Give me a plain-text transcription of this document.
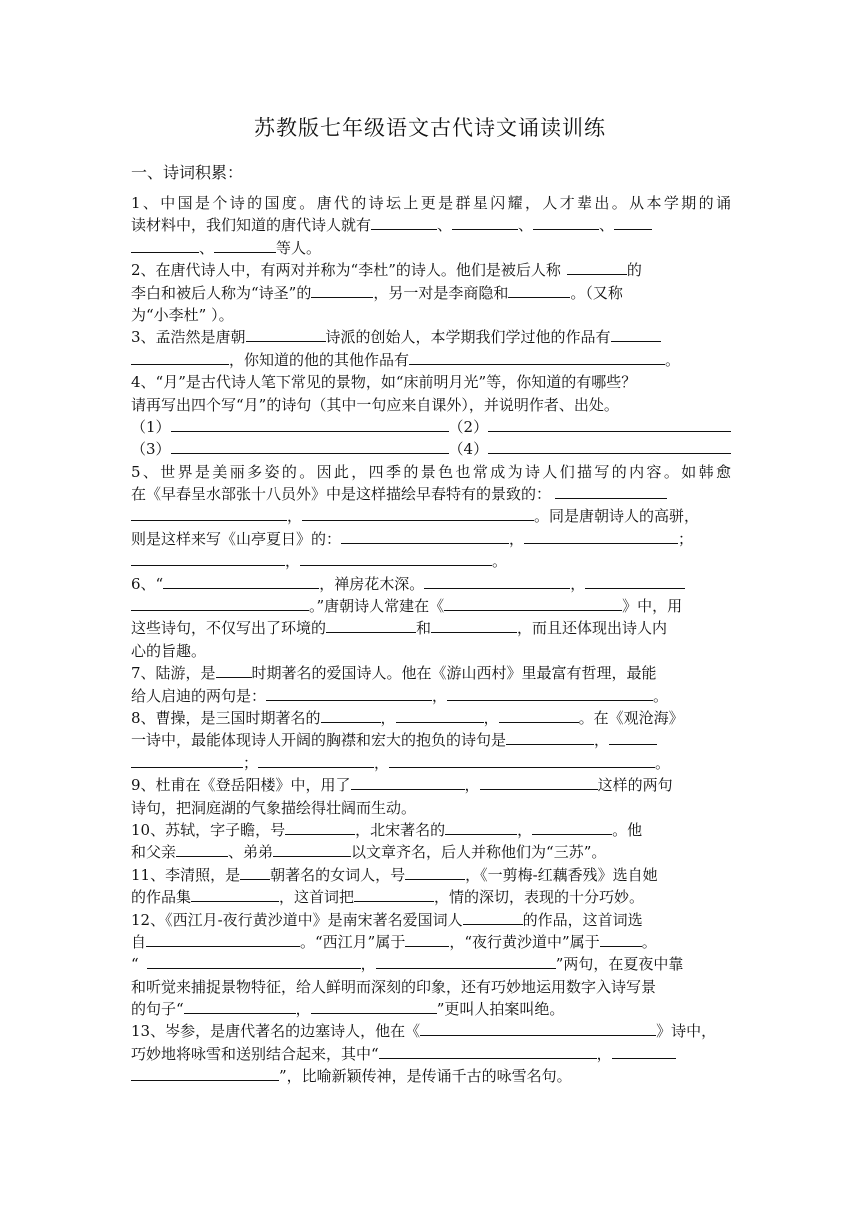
苏教版七年级语文古代诗文诵读训练
一、诗词积累：
1、中国是个诗的国度。唐代的诗坛上更是群星闪耀，人才辈出。从本学期的诵
读材料中，我们知道的唐代诗人就有	、	、	、
、	等人。
2、在唐代诗人中，有两对并称为“李杜”的诗人。他们是被后人称	的
李白和被后人称为“诗圣”的	，另一对是李商隐和	。（又称
为“小李杜” ）。
3、孟浩然是唐朝	诗派的创始人，本学期我们学过他的作品有
，你知道的他的其他作品有	。
4、“月”是古代诗人笔下常见的景物，如“床前明月光”等，你知道的有哪些？
请再写出四个写“月”的诗句（其中一句应来自课外），并说明作者、出处。
（1）	（2）
（3）	（4）
5、世界是美丽多姿的。因此，四季的景色也常成为诗人们描写的内容。如韩愈
在《早春呈水部张十八员外》中是这样描绘早春特有的景致的：
，	。同是唐朝诗人的高骈，
则是这样来写《山亭夏日》的：	，	；
，	。
6、“	，禅房花木深。	，
。”唐朝诗人常建在《	》中，用
这些诗句，不仅写出了环境的	和	，而且还体现出诗人内
心的旨趣。
7、陆游，是 时期著名的爱国诗人。他在《游山西村》里最富有哲理，最能
给人启迪的两句是：	，	。
8、曹操，是三国时期著名的	，	，	。在《观沧海》
一诗中，最能体现诗人开阔的胸襟和宏大的抱负的诗句是	，
；	，	。
9、杜甫在《登岳阳楼》中，用了	，	这样的两句
诗句，把洞庭湖的气象描绘得壮阔而生动。
10、苏轼，字子瞻，号	，北宋著名的	，	。他
和父亲	、弟弟	以文章齐名，后人并称他们为“三苏”。
11、李清照，是 朝著名的女词人，号	，《一剪梅-红藕香残》选自她
的作品集	，这首词把	，情的深切，表现的十分巧妙。
12、《西江月-夜行黄沙道中》是南宋著名爱国词人	的作品，这首词选
自	。“西江月”属于	，“夜行黄沙道中”属于	。
“	，	”两句，在夏夜中靠
和听觉来捕捉景物特征，给人鲜明而深刻的印象，还有巧妙地运用数字入诗写景
的句子“	，	”更叫人拍案叫绝。
13、岑参，是唐代著名的边塞诗人，他在《	》诗中，
巧妙地将咏雪和送别结合起来，其中“	，
”，比喻新颖传神，是传诵千古的咏雪名句。
